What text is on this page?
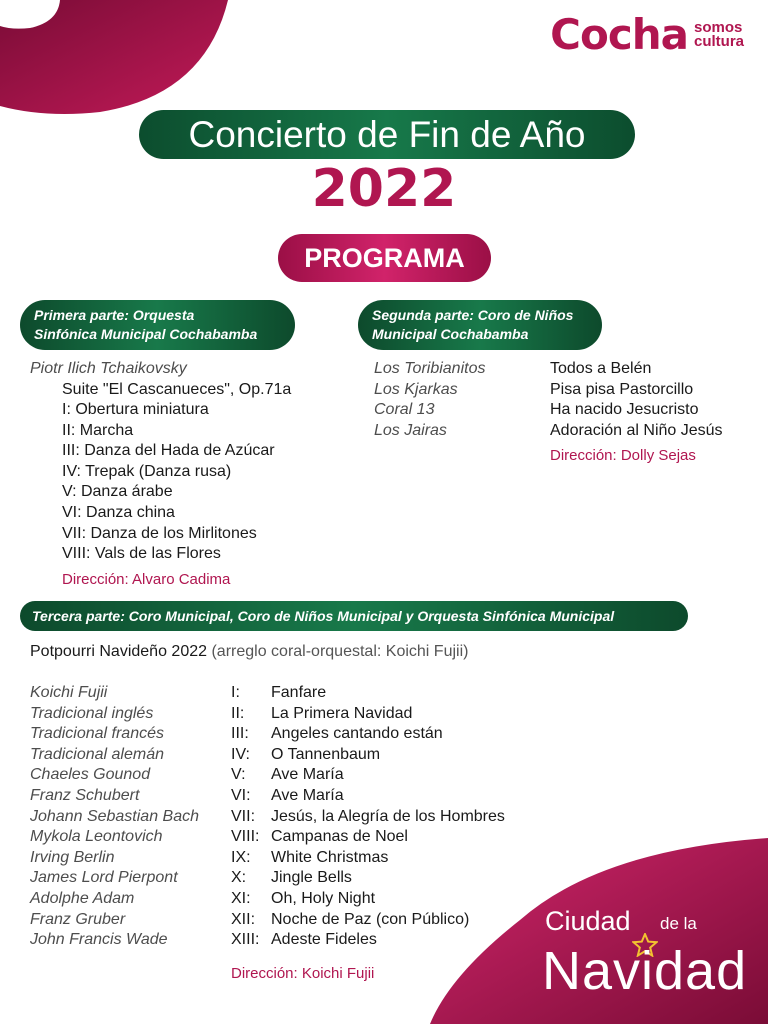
Cocha somos
cultura
Concierto de Fin de Año
2022
PROGRAMA
Primera parte: Orquesta
Sinfónica Municipal Cochabamba
Piotr Ilich Tchaikovsky
Suite "El Cascanueces", Op.71a
I: Obertura miniatura
II: Marcha
III: Danza del Hada de Azúcar
IV: Trepak (Danza rusa)
V: Danza árabe
VI: Danza china
VII: Danza de los Mirlitones
VIII: Vals de las Flores
Dirección: Alvaro Cadima
Segunda parte: Coro de Niños
Municipal Cochabamba
Los Toribianitos
Los Kjarkas
Coral 13
Los Jairas
Todos a Belén
Pisa pisa Pastorcillo
Ha nacido Jesucristo
Adoración al Niño Jesús
Dirección: Dolly Sejas
Tercera parte: Coro Municipal, Coro de Niños Municipal y Orquesta Sinfónica Municipal
Potpourri Navideño 2022 (arreglo coral-orquestal: Koichi Fujii)
Koichi Fujii
Tradicional inglés
Tradicional francés
Tradicional alemán
Chaeles Gounod
Franz Schubert
Johann Sebastian Bach
Mykola Leontovich
Irving Berlin
James Lord Pierpont
Adolphe Adam
Franz Gruber
John Francis Wade
I:
II:
III:
IV:
V:
VI:
VII:
VIII:
IX:
X:
XI:
XII:
XIII:
Fanfare
La Primera Navidad
Angeles cantando están
O Tannenbaum
Ave María
Ave María
Jesús, la Alegría de los Hombres
Campanas de Noel
White Christmas
Jingle Bells
Oh, Holy Night
Noche de Paz (con Público)
Adeste Fideles
Dirección: Koichi Fujii
Ciudad de la
Navidad
